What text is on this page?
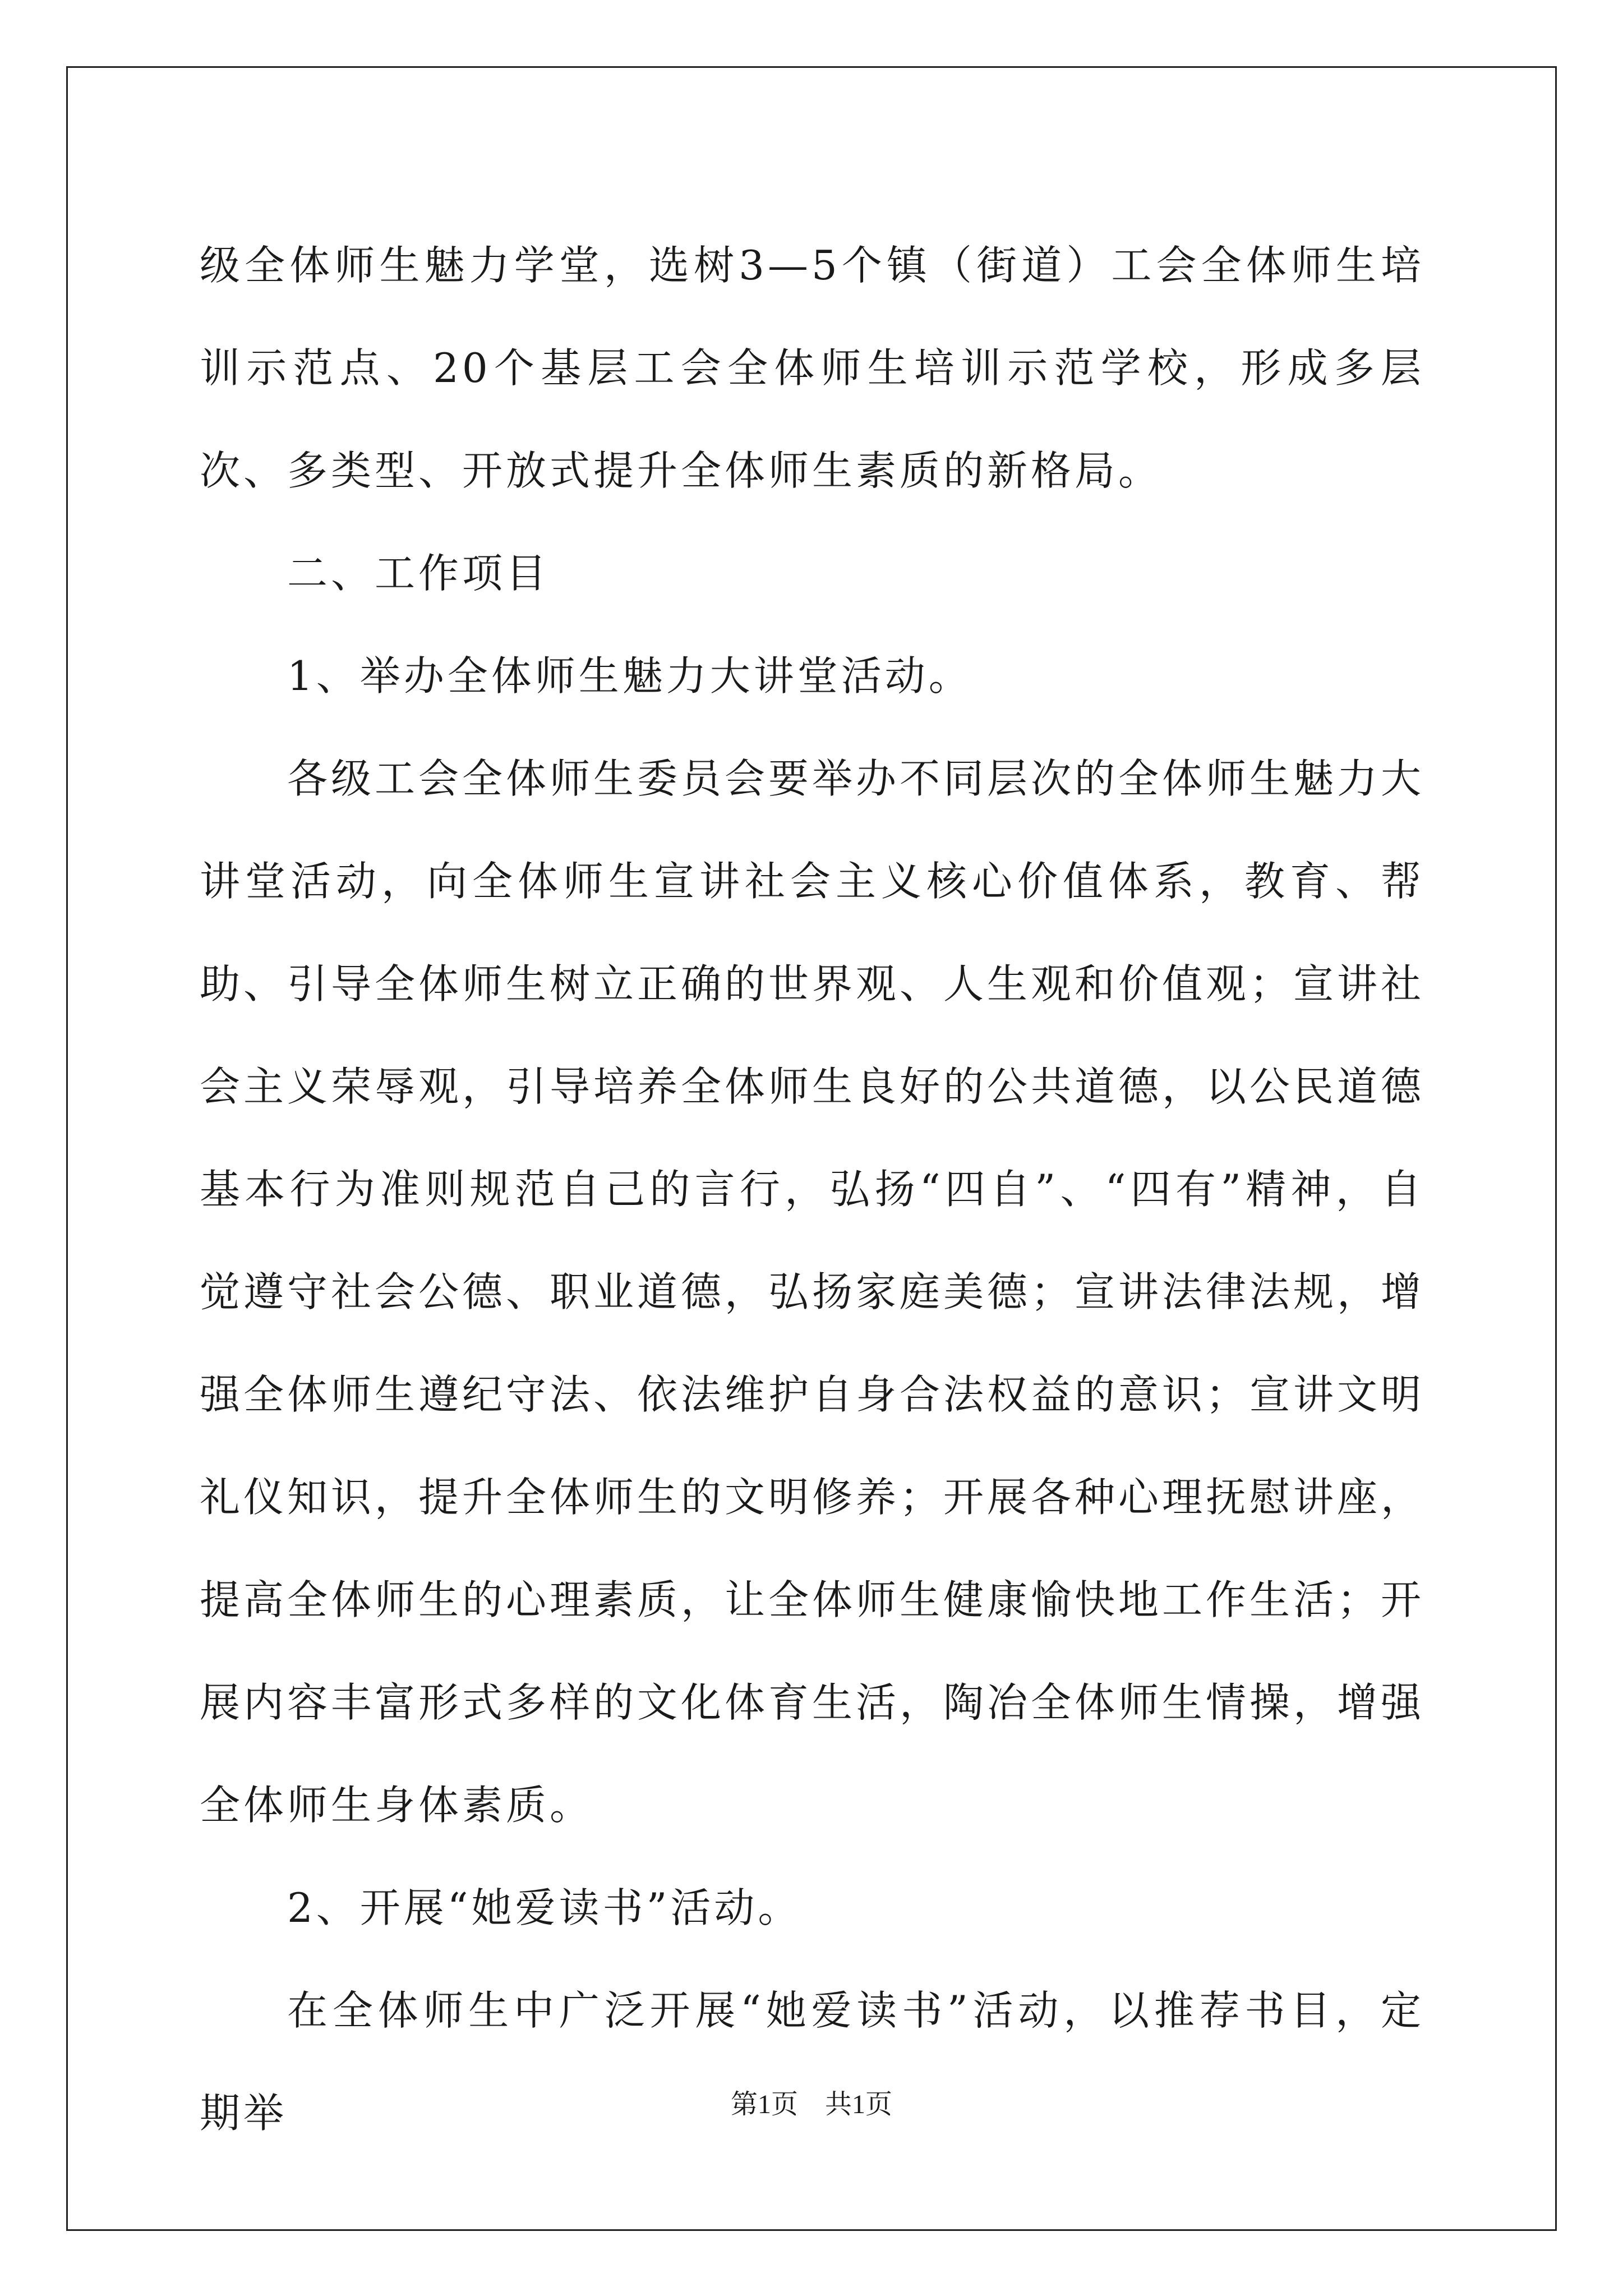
级全体师生魅力学堂，选树3—5个镇（街道）工会全体师生培训示范点、20个基层工会全体师生培训示范学校，形成多层次、多类型、开放式提升全体师生素质的新格局。

二、工作项目

1、举办全体师生魅力大讲堂活动。

各级工会全体师生委员会要举办不同层次的全体师生魅力大讲堂活动，向全体师生宣讲社会主义核心价值体系，教育、帮助、引导全体师生树立正确的世界观、人生观和价值观；宣讲社会主义荣辱观，引导培养全体师生良好的公共道德，以公民道德基本行为准则规范自己的言行，弘扬“四自”、“四有”精神，自觉遵守社会公德、职业道德，弘扬家庭美德；宣讲法律法规，增强全体师生遵纪守法、依法维护自身合法权益的意识；宣讲文明礼仪知识，提升全体师生的文明修养；开展各种心理抚慰讲座，提高全体师生的心理素质，让全体师生健康愉快地工作生活；开展内容丰富形式多样的文化体育生活，陶冶全体师生情操，增强全体师生身体素质。

2、开展“她爱读书”活动。

在全体师生中广泛开展“她爱读书”活动，以推荐书目，定期举	第1页    共1页
